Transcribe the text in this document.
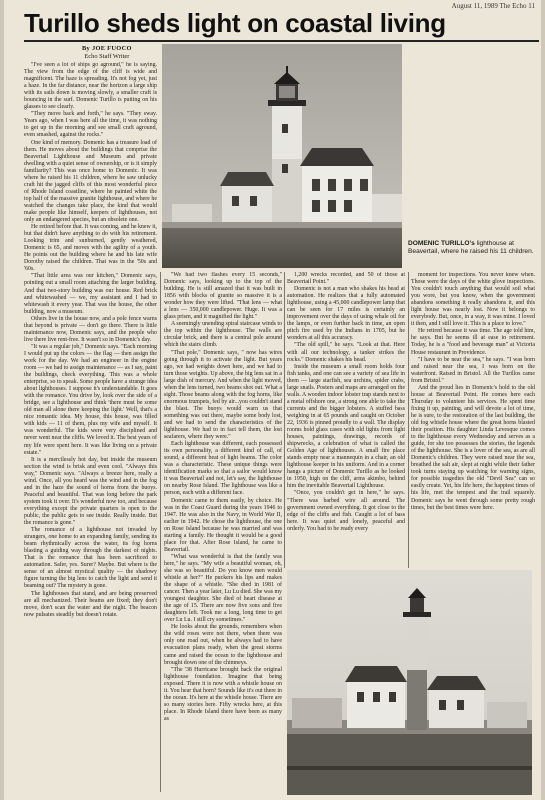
August 11, 1989 The Echo 11
Turillo sheds light on coastal living
By JOE FUOCO
Echo Staff Writer

"I've seen a lot of ships go aground," he is saying. The view from the edge of the cliff is wide and magnificent. The haze is spreading. It's not fog yet, just a haze. In the far distance, near the horizon a large ship with its sails down is moving slowly, a smaller craft is bouncing in the surf. Domenic Turillo is putting on his glasses to see clearly.

"They move back and forth," he says. "They sway. Years ago, when I was here all the time, it was nothing to get up in the morning and see small craft aground, even smashed, against the rocks."

One kind of memory. Domenic has a treasure load of them. He moves about the buildings that comprise the Beavertail Lighthouse and Museum and private dwelling with a quiet sense of ownership, or is it simply familiarity? This was once home to Domenic. It was where he raised his 11 children, where he saw unlucky craft hit the jagged cliffs of this most wonderful piece of Rhode Island coastline, where he painted white the top half of the massive granite lighthouse, and where he watched the changes take place, the kind that would make people like himself, keepers of lighthouses, not only an endangered species, but an obsolete one.

He retired before that. It was coming, and he knew it, but that didn't have anything to do with his retirement. Looking trim and sunburned, gently weathered, Domenic is 65, and moves with the agility of a youth. He points out the building where he and his late wife Dorothy raised the children. That was in the '50s and '60s.

"That little area was our kitchen," Domenic says, pointing out a small room attaching the larger building. And that two-story building was our house. Red brick and whitewashed — we, my assistant and I had to whitewash it every year. That was the house, the other building, now a museum.

Others live in the house now, and a pole fence warns that beyond is private — don't go there. There is little maintenance now, Domenic says, and the people who live there live rent-free. It wasn't so in Domenic's day.

"It was a regular job," Domenic says. "Each morning I would put up the colors — the flag — then assign the work for the day. We had an engineer in the engine room — we had to assign maintenance — as I say, paint the buildings, check everything. This was a whole enterprise, so to speak. Some people have a strange idea about lighthouses. I suppose it's understandable. It goes with the romance. You drive by, look over the side of a bridge, see a lighthouse and think 'there must be some old man all alone there keeping the light.' Well, that's a nice romantic idea. My house, this house, was filled with kids — 11 of them, plus my wife and myself. It was wonderful. The kids were very disciplined and never went near the cliffs. We loved it. The best years of my life were spent here. It was like living on a private estate."

It is a mercilessly hot day, but inside the museum section the wind is brisk and even cool. "Always this way," Domenic says. "Always a breeze here, really a wind. Once, all you heard was the wind and in the fog and in the haze the sound of horns from the buoys. Peaceful and beautiful. That was long before the park system took it over. It's wonderful now too, and because everything except the private quarters is open to the public, the public gets to see inside. Really inside. But the romance is gone."

The romance of a lighthouse not invaded by strangers, one home to an expanding family, sending its beam rhythmically across the water, its fog horns blasting a guiding way through the darkest of nights. That is the romance that has been sacrificed to automation. Safer, yes. Surer? Maybe. But where is the sense of an almost mystical quality — the shadowy figure turning the big lens to catch the light and send it beaming out? The mystery is gone.

The lighthouses that stand, and are being preserved are all mechanized. Their beams are fixed; they don't move, don't scan the water and the night. The beacon now pulsates steadily but doesn't rotate.

DOMENIC TURILLO's lighthouse at Beavertail, where he raised his 11 children.

"We had two flashes every 15 seconds," Domenic says, looking up to the top of the building. He is still amazed that it was built in 1856 with blocks of granite so massive it is a wonder how they were lifted. "That lens — what a lens — 350,000 candlepower. Huge. It was a glass prism, and it magnified the light."

A seemingly unending spiral staircase winds to the top within the lighthouse. The walls are circular brick, and there is a central pole around which the stairs climb.

"That pole," Domenic says, " now has wires going through it to activate the light. But years ago, we had weights down here, and we had to turn those weights. Up above, the big lens sat in a large dish of mercury. And when the light moved, when the lens turned, two beams shot out. What a sight. Those beams along with the fog horns, like enormous trumpets, fed by air...you couldn't stand the blast. The buoys would warn us that something was out there, maybe some body lost, and we had to send the characteristics of the lighthouse. We had to in fact tell them, the lost seafarers, where they were."

Each lighthouse was different, each possessed its own personality, a different kind of call, of sound, a different beat of light beams. The color was a characteristic. These unique things were identification marks so that a sailor would know it was Beavertail and not, let's say, the lighthouse on nearby Rose Island. The lighthouse was like a person, each with a different face.

Domenic came to them easily, by choice. He was in the Coast Guard during the years 1946 to 1947. He was also in the Navy, in World War II, earlier in 1942. He chose the lighthouse, the one on Rose Island because he was married and was starting a family. He thought it would be a good place for that. After Rose Island, he came to Beavertail.

"What was wonderful is that the family was here," he says. "My wife a beautiful woman, oh, she was so beautiful. Do you know men would whistle at her?" He puckers his lips and makes the shape of a whistle. "She died in 1981 of cancer. Then a year later, Lu Lu died. She was my youngest daughter. She died of heart disease at the age of 15. There are now five sons and five daughters left. Took me a long, long time to get over Lu Lu. I still cry sometimes."

He looks about the grounds, remembers when the wild roses were not there, when there was only one road out, when he always had to have evacuation plans ready, when the great storms came and raised the ocean to the lighthouse and brought down one of the chimneys.

"The '38 Hurricane brought back the original lighthouse foundation. Imagine that being exposed. There it is now with a whistle house on it. You hear that horn? Sounds like it's out there in the ocean. It's here at the whistle house. There are so many stories here. Fifty wrecks here, at this place. In Rhode Island there have been as many as

1,200 wrecks recorded, and 50 of those at Beavertail Point."

Domenic is not a man who shakes his head at automation. He realizes that a fully automated lighthouse, using a 45,000 candlepower lamp that can be seen for 17 miles is certainly an improvement over the days of using whale oil for the lamps, or even further back in time, an open pitch fire used by the Indians in 1705, but he wonders at all this accuracy.

"The old spill," he says. "Look at that. Here with all our technology, a tanker strikes the rocks." Domenic shakes his head.

Inside the museum a small room holds four fish tanks, and one can see a variety of sea life in them — large starfish, sea urchins, spider crabs, large snails. Posters and maps are arranged on the walls. A wooden indoor lobster trap stands next to a metal offshore one, a strong one able to take the currents and the bigger lobsters. A stuffed bass weighing in at 65 pounds and caught on October 22, 1936 is pinned proudly to a wall. The display rooms hold glass cases with old lights from light houses, paintings, drawings, records of shipwrecks, a celebration of what is called the Golden Age of lighthouses. A small fire place stands empty near a mannequin in a chair, an old lighthouse keeper in his uniform. And in a corner hangs a picture of Domenic Turillo as he looked in 1950, high on the cliff, arms akimbo, behind him the inevitable Beavertail Lighthouse.

"Once, you couldn't get in here," he says. "There was barbed wire all around. The government owned everything. It got close to the edge of the cliffs and fish. Caught a lot of bass here. It was quiet and lonely, peaceful and orderly. You had to be ready every

moment for inspections. You never knew when. Those were the days of the white glove inspections. You couldn't touch anything that would soil what you wore, but you know, when the government abandons something it really abandons it, and this light house was nearly lost. Now it belongs to everybody. But, once, in a way, it was mine. I loved it then, and I still love it. This is a place to love."

He retired because it was time. The age told him, he says. But he seems ill at ease in retirement. Today, he is a "food and beverage man" at Victoria House restaurant in Providence.

"I have to be near the sea," he says. "I was born and raised near the sea, I was born on the waterfront. Raised in Bristol. All the Turillos came from Bristol."

And the proud lies in Domenic's hold to the old house at Beavertail Point. He comes here each Thursday to volunteer his services. He spent time fixing it up, painting, and will devote a lot of time, he is sure, to the restoration of the last building, the old fog whistle house where the great horns blasted their position. His daughter Linda Levesque comes to the lighthouse every Wednesday and serves as a guide, for she too possesses the stories, the legends of the lighthouse. She is a lover of the sea, as are all Domenic's children. They were raised near the sea, breathed the salt air, slept at night while their father took turns staying up watching for warning signs, for possible tragedies the old "Devil Sea" can so easily create. Yet, his life here, the happiest times of his life, met the tempest and the trail squarely. Domenic says he went through some pretty rough times, but the best times were here.
